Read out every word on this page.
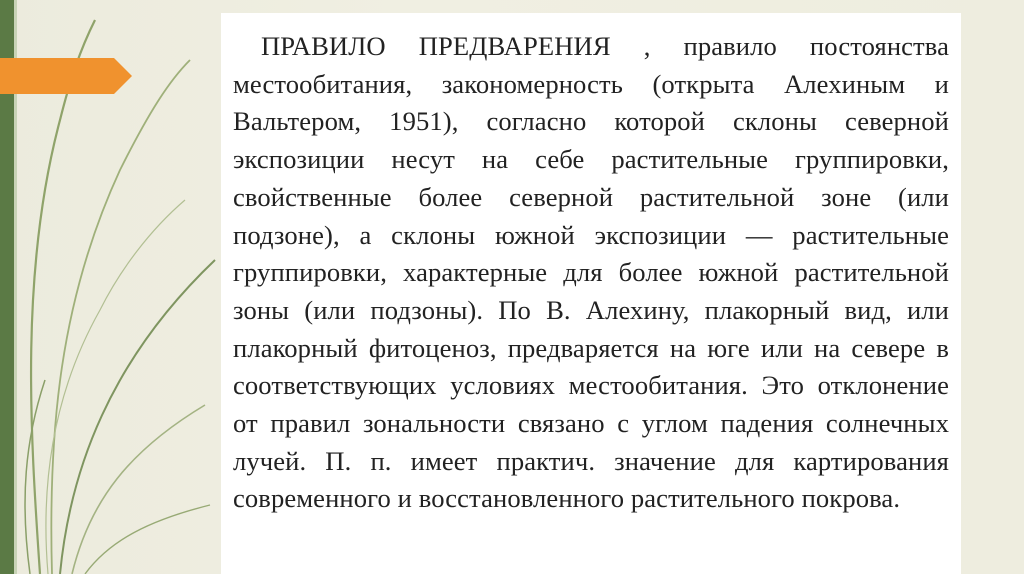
ПРАВИЛО ПРЕДВАРЕНИЯ , правило постоянства местообитания, закономерность (открыта Алехиным и Вальтером, 1951), согласно которой склоны северной экспозиции несут на себе растительные группировки, свойственные более северной растительной зоне (или подзоне), а склоны южной экспозиции — растительные группировки, характерные для более южной растительной зоны (или подзоны). По В. Алехину, плакорный вид, или плакорный фитоценоз, предваряется на юге или на севере в соответствующих условиях местообитания. Это отклонение от правил зональности связано с углом падения солнечных лучей. П. п. имеет практич. значение для картирования современного и восстановленного растительного покрова.
